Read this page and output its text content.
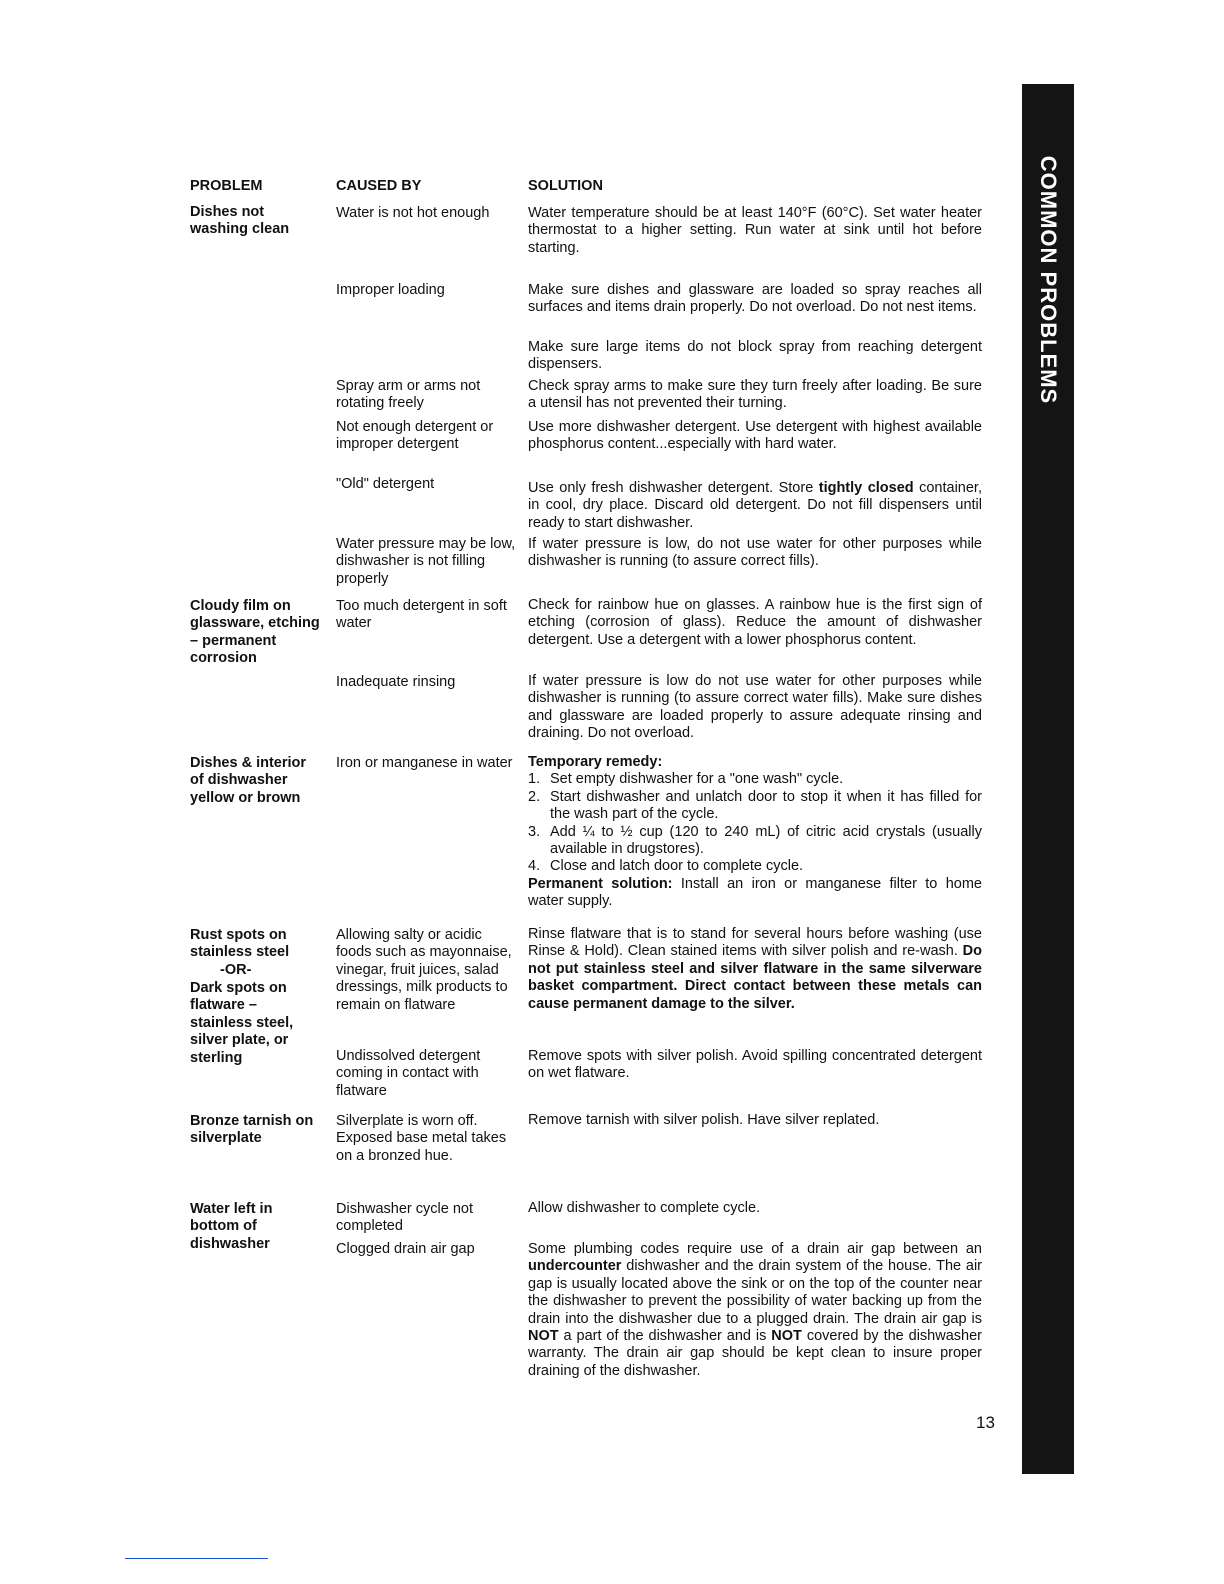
COMMON PROBLEMS
PROBLEM	CAUSED BY	SOLUTION
Dishes not washing clean
Cloudy film on glassware, etching – permanent corrosion
Dishes & interior of dishwasher yellow or brown
Rust spots on stainless steel
-OR-
Dark spots on flatware – stainless steel, silver plate, or sterling
Bronze tarnish on silverplate
Water left in bottom of dishwasher
Water is not hot enough
Improper loading
Spray arm or arms not rotating freely
Not enough detergent or improper detergent
"Old" detergent
Water pressure may be low, dishwasher is not filling properly
Too much detergent in soft water
Inadequate rinsing
Iron or manganese in water
Allowing salty or acidic foods such as mayonnaise, vinegar, fruit juices, salad dressings, milk products to remain on flatware
Undissolved detergent coming in contact with flatware
Silverplate is worn off. Exposed base metal takes on a bronzed hue.
Dishwasher cycle not completed
Clogged drain air gap
Water temperature should be at least 140°F (60°C). Set water heater thermostat to a higher setting. Run water at sink until hot before starting.
Make sure dishes and glassware are loaded so spray reaches all surfaces and items drain properly. Do not overload. Do not nest items.
Make sure large items do not block spray from reaching detergent dispensers.
Check spray arms to make sure they turn freely after loading. Be sure a utensil has not prevented their turning.
Use more dishwasher detergent. Use detergent with highest available phosphorus content...especially with hard water.
Use only fresh dishwasher detergent. Store tightly closed container, in cool, dry place. Discard old detergent. Do not fill dispensers until ready to start dishwasher.
If water pressure is low, do not use water for other purposes while dishwasher is running (to assure correct fills).
Check for rainbow hue on glasses. A rainbow hue is the first sign of etching (corrosion of glass). Reduce the amount of dishwasher detergent. Use a detergent with a lower phosphorus content.
If water pressure is low do not use water for other purposes while dishwasher is running (to assure correct water fills). Make sure dishes and glassware are loaded properly to assure adequate rinsing and draining. Do not overload.
Temporary remedy:
1. Set empty dishwasher for a "one wash" cycle.
2. Start dishwasher and unlatch door to stop it when it has filled for the wash part of the cycle.
3. Add ¼ to ½ cup (120 to 240 mL) of citric acid crystals (usually available in drugstores).
4. Close and latch door to complete cycle.
Permanent solution: Install an iron or manganese filter to home water supply.
Rinse flatware that is to stand for several hours before washing (use Rinse & Hold). Clean stained items with silver polish and re-wash. Do not put stainless steel and silver flatware in the same silverware basket compartment. Direct contact between these metals can cause permanent damage to the silver.
Remove spots with silver polish. Avoid spilling concentrated detergent on wet flatware.
Remove tarnish with silver polish. Have silver replated.
Allow dishwasher to complete cycle.
Some plumbing codes require use of a drain air gap between an undercounter dishwasher and the drain system of the house. The air gap is usually located above the sink or on the top of the counter near the dishwasher to prevent the possibility of water backing up from the drain into the dishwasher due to a plugged drain. The drain air gap is NOT a part of the dishwasher and is NOT covered by the dishwasher warranty. The drain air gap should be kept clean to insure proper draining of the dishwasher.
13
